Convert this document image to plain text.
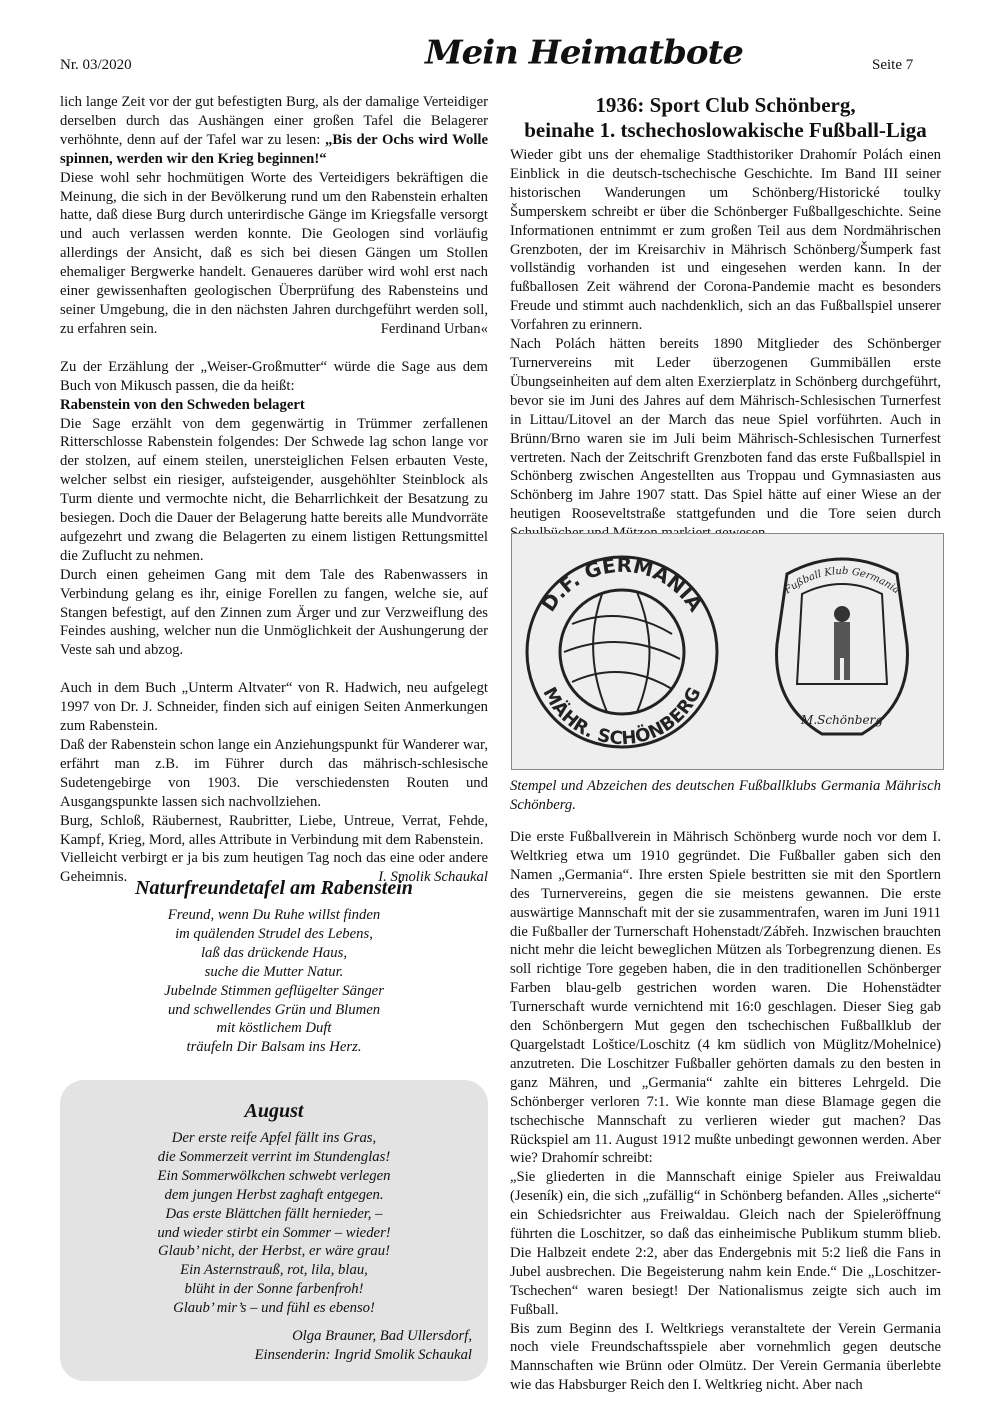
Nr. 03/2020	Mein Heimatbote	Seite 7

lich lange Zeit vor der gut befestigten Burg, als der damalige Verteidiger derselben durch das Aushängen einer großen Tafel die Belagerer verhöhnte, denn auf der Tafel war zu lesen: „Bis der Ochs wird Wolle spinnen, werden wir den Krieg beginnen!“

Diese wohl sehr hochmütigen Worte des Verteidigers bekräftigen die Meinung, die sich in der Bevölkerung rund um den Rabenstein erhalten hatte, daß diese Burg durch unterirdische Gänge im Kriegsfalle versorgt und auch verlassen werden konnte. Die Geologen sind vorläufig allerdings der Ansicht, daß es sich bei diesen Gängen um Stollen ehemaliger Bergwerke handelt. Genaueres darüber wird wohl erst nach einer gewissenhaften geologischen Überprüfung des Rabensteins und seiner Umgebung, die in den nächsten Jahren durchgeführt werden soll, zu erfahren sein.	Ferdinand Urban«

Zu der Erzählung der „Weiser-Großmutter“ würde die Sage aus dem Buch von Mikusch passen, die da heißt:

Rabenstein von den Schweden belagert

Die Sage erzählt von dem gegenwärtig in Trümmer zerfallenen Ritterschlosse Rabenstein folgendes: Der Schwede lag schon lange vor der stolzen, auf einem steilen, unersteiglichen Felsen erbauten Veste, welcher selbst ein riesiger, aufsteigender, ausgehöhlter Steinblock als Turm diente und vermochte nicht, die Beharrlichkeit der Besatzung zu besiegen. Doch die Dauer der Belagerung hatte bereits alle Mundvorräte aufgezehrt und zwang die Belagerten zu einem listigen Rettungsmittel die Zuflucht zu nehmen.

Durch einen geheimen Gang mit dem Tale des Rabenwassers in Verbindung gelang es ihr, einige Forellen zu fangen, welche sie, auf Stangen befestigt, auf den Zinnen zum Ärger und zur Verzweiflung des Feindes aushing, welcher nun die Unmöglichkeit der Aushungerung der Veste sah und abzog.

Auch in dem Buch „Unterm Altvater“ von R. Hadwich, neu aufgelegt 1997 von Dr. J. Schneider, finden sich auf einigen Seiten Anmerkungen zum Rabenstein.

Daß der Rabenstein schon lange ein Anziehungspunkt für Wanderer war, erfährt man z.B. im Führer durch das mährisch-schlesische Sudetengebirge von 1903. Die verschiedensten Routen und Ausgangspunkte lassen sich nachvollziehen.

Burg, Schloß, Räubernest, Raubritter, Liebe, Untreue, Verrat, Fehde, Kampf, Krieg, Mord, alles Attribute in Verbindung mit dem Rabenstein.

Vielleicht verbirgt er ja bis zum heutigen Tag noch das eine oder andere Geheimnis.	I. Smolik Schaukal

Naturfreundetafel am Rabenstein
Freund, wenn Du Ruhe willst finden
im quälenden Strudel des Lebens,
laß das drückende Haus,
suche die Mutter Natur.
Jubelnde Stimmen geflügelter Sänger
und schwellendes Grün und Blumen
mit köstlichem Duft
träufeln Dir Balsam ins Herz.
August
Der erste reife Apfel fällt ins Gras,
die Sommerzeit verrint im Stundenglas!
Ein Sommerwölkchen schwebt verlegen
dem jungen Herbst zaghaft entgegen.
Das erste Blättchen fällt hernieder, –
und wieder stirbt ein Sommer – wieder!
Glaub’ nicht, der Herbst, er wäre grau!
Ein Asternstrauß, rot, lila, blau,
blüht in der Sonne farbenfroh!
Glaub’ mir’s – und fühl es ebenso!
Olga Brauner, Bad Ullersdorf,
Einsenderin: Ingrid Smolik Schaukal
1936: Sport Club Schönberg,
beinahe 1. tschechoslowakische Fußball-Liga

Wieder gibt uns der ehemalige Stadthistoriker Drahomír Polách einen Einblick in die deutsch-tschechische Geschichte. Im Band III seiner historischen Wanderungen um Schönberg/Historické toulky Šumperskem schreibt er über die Schönberger Fußballgeschichte. Seine Informationen entnimmt er zum großen Teil aus dem Nordmährischen Grenzboten, der im Kreisarchiv in Mährisch Schönberg/Šumperk fast vollständig vorhanden ist und eingesehen werden kann. In der fußballosen Zeit während der Corona-Pandemie macht es besonders Freude und stimmt auch nachdenklich, sich an das Fußballspiel unserer Vorfahren zu erinnern.

Nach Polách hätten bereits 1890 Mitglieder des Schönberger Turnervereins mit Leder überzogenen Gummibällen erste Übungseinheiten auf dem alten Exerzierplatz in Schönberg durchgeführt, bevor sie im Juni des Jahres auf dem Mährisch-Schlesischen Turnerfest in Littau/Litovel an der March das neue Spiel vorführten. Auch in Brünn/Brno waren sie im Juli beim Mährisch-Schlesischen Turnerfest vertreten. Nach der Zeitschrift Grenzboten fand das erste Fußballspiel in Schönberg zwischen Angestellten aus Troppau und Gymnasiasten aus Schönberg im Jahre 1907 statt. Das Spiel hätte auf einer Wiese an der heutigen Rooseveltstraße stattgefunden und die Tore seien durch

D.F. GERMANIA
MÄHR. SCHÖNBERG
Fußball Klub Germania
M.Schönberg
Stempel und Abzeichen des deutschen Fußballklubs Germania Mährisch Schönberg.

Die erste Fußballverein in Mährisch Schönberg wurde noch vor dem I. Weltkrieg etwa um 1910 gegründet. Die Fußballer gaben sich den Namen „Germania“. Ihre ersten Spiele bestritten sie mit den Sportlern des Turnervereins, gegen die sie meistens gewannen. Die erste auswärtige Mannschaft mit der sie zusammentrafen, waren im Juni 1911 die Fußballer der Turnerschaft Hohenstadt/Zábřeh. Inzwischen brauchten nicht mehr die leicht beweglichen Mützen als Torbegrenzung dienen. Es soll richtige Tore gegeben haben, die in den traditionellen Schönberger Farben blau-gelb gestrichen worden waren. Die Hohenstädter Turnerschaft wurde vernichtend mit 16:0 geschlagen. Dieser Sieg gab den Schönbergern Mut gegen den tschechischen Fußballklub der Quargelstadt Loštice/Loschitz (4 km südlich von Müglitz/Mohelnice) anzutreten. Die Loschitzer Fußballer gehörten damals zu den besten in ganz Mähren, und „Germania“ zahlte ein bitteres Lehrgeld. Die Schönberger verloren 7:1. Wie konnte man diese Blamage gegen die tschechische Mannschaft zu verlieren wieder gut machen? Das Rückspiel am 11. August 1912 mußte unbedingt gewonnen werden. Aber wie? Drahomír schreibt:

„Sie gliederten in die Mannschaft einige Spieler aus Freiwaldau (Jeseník) ein, die sich „zufällig“ in Schönberg befanden. Alles „sicherte“ ein Schiedsrichter aus Freiwaldau. Gleich nach der Spieleröffnung führten die Loschitzer, so daß das einheimische Publikum stumm blieb. Die Halbzeit endete 2:2, aber das Endergebnis mit 5:2 ließ die Fans in Jubel ausbrechen. Die Begeisterung nahm kein Ende.“ Die „Loschitzer-Tschechen“ waren besiegt! Der Nationalismus zeigte sich auch im Fußball.

Bis zum Beginn des I. Weltkriegs veranstaltete der Verein Germania noch viele Freundschaftsspiele aber vornehmlich gegen deutsche Mannschaften wie Brünn oder Olmütz. Der Verein Germania überlebte wie das Habsburger Reich den I. Weltkrieg nicht. Aber nach
